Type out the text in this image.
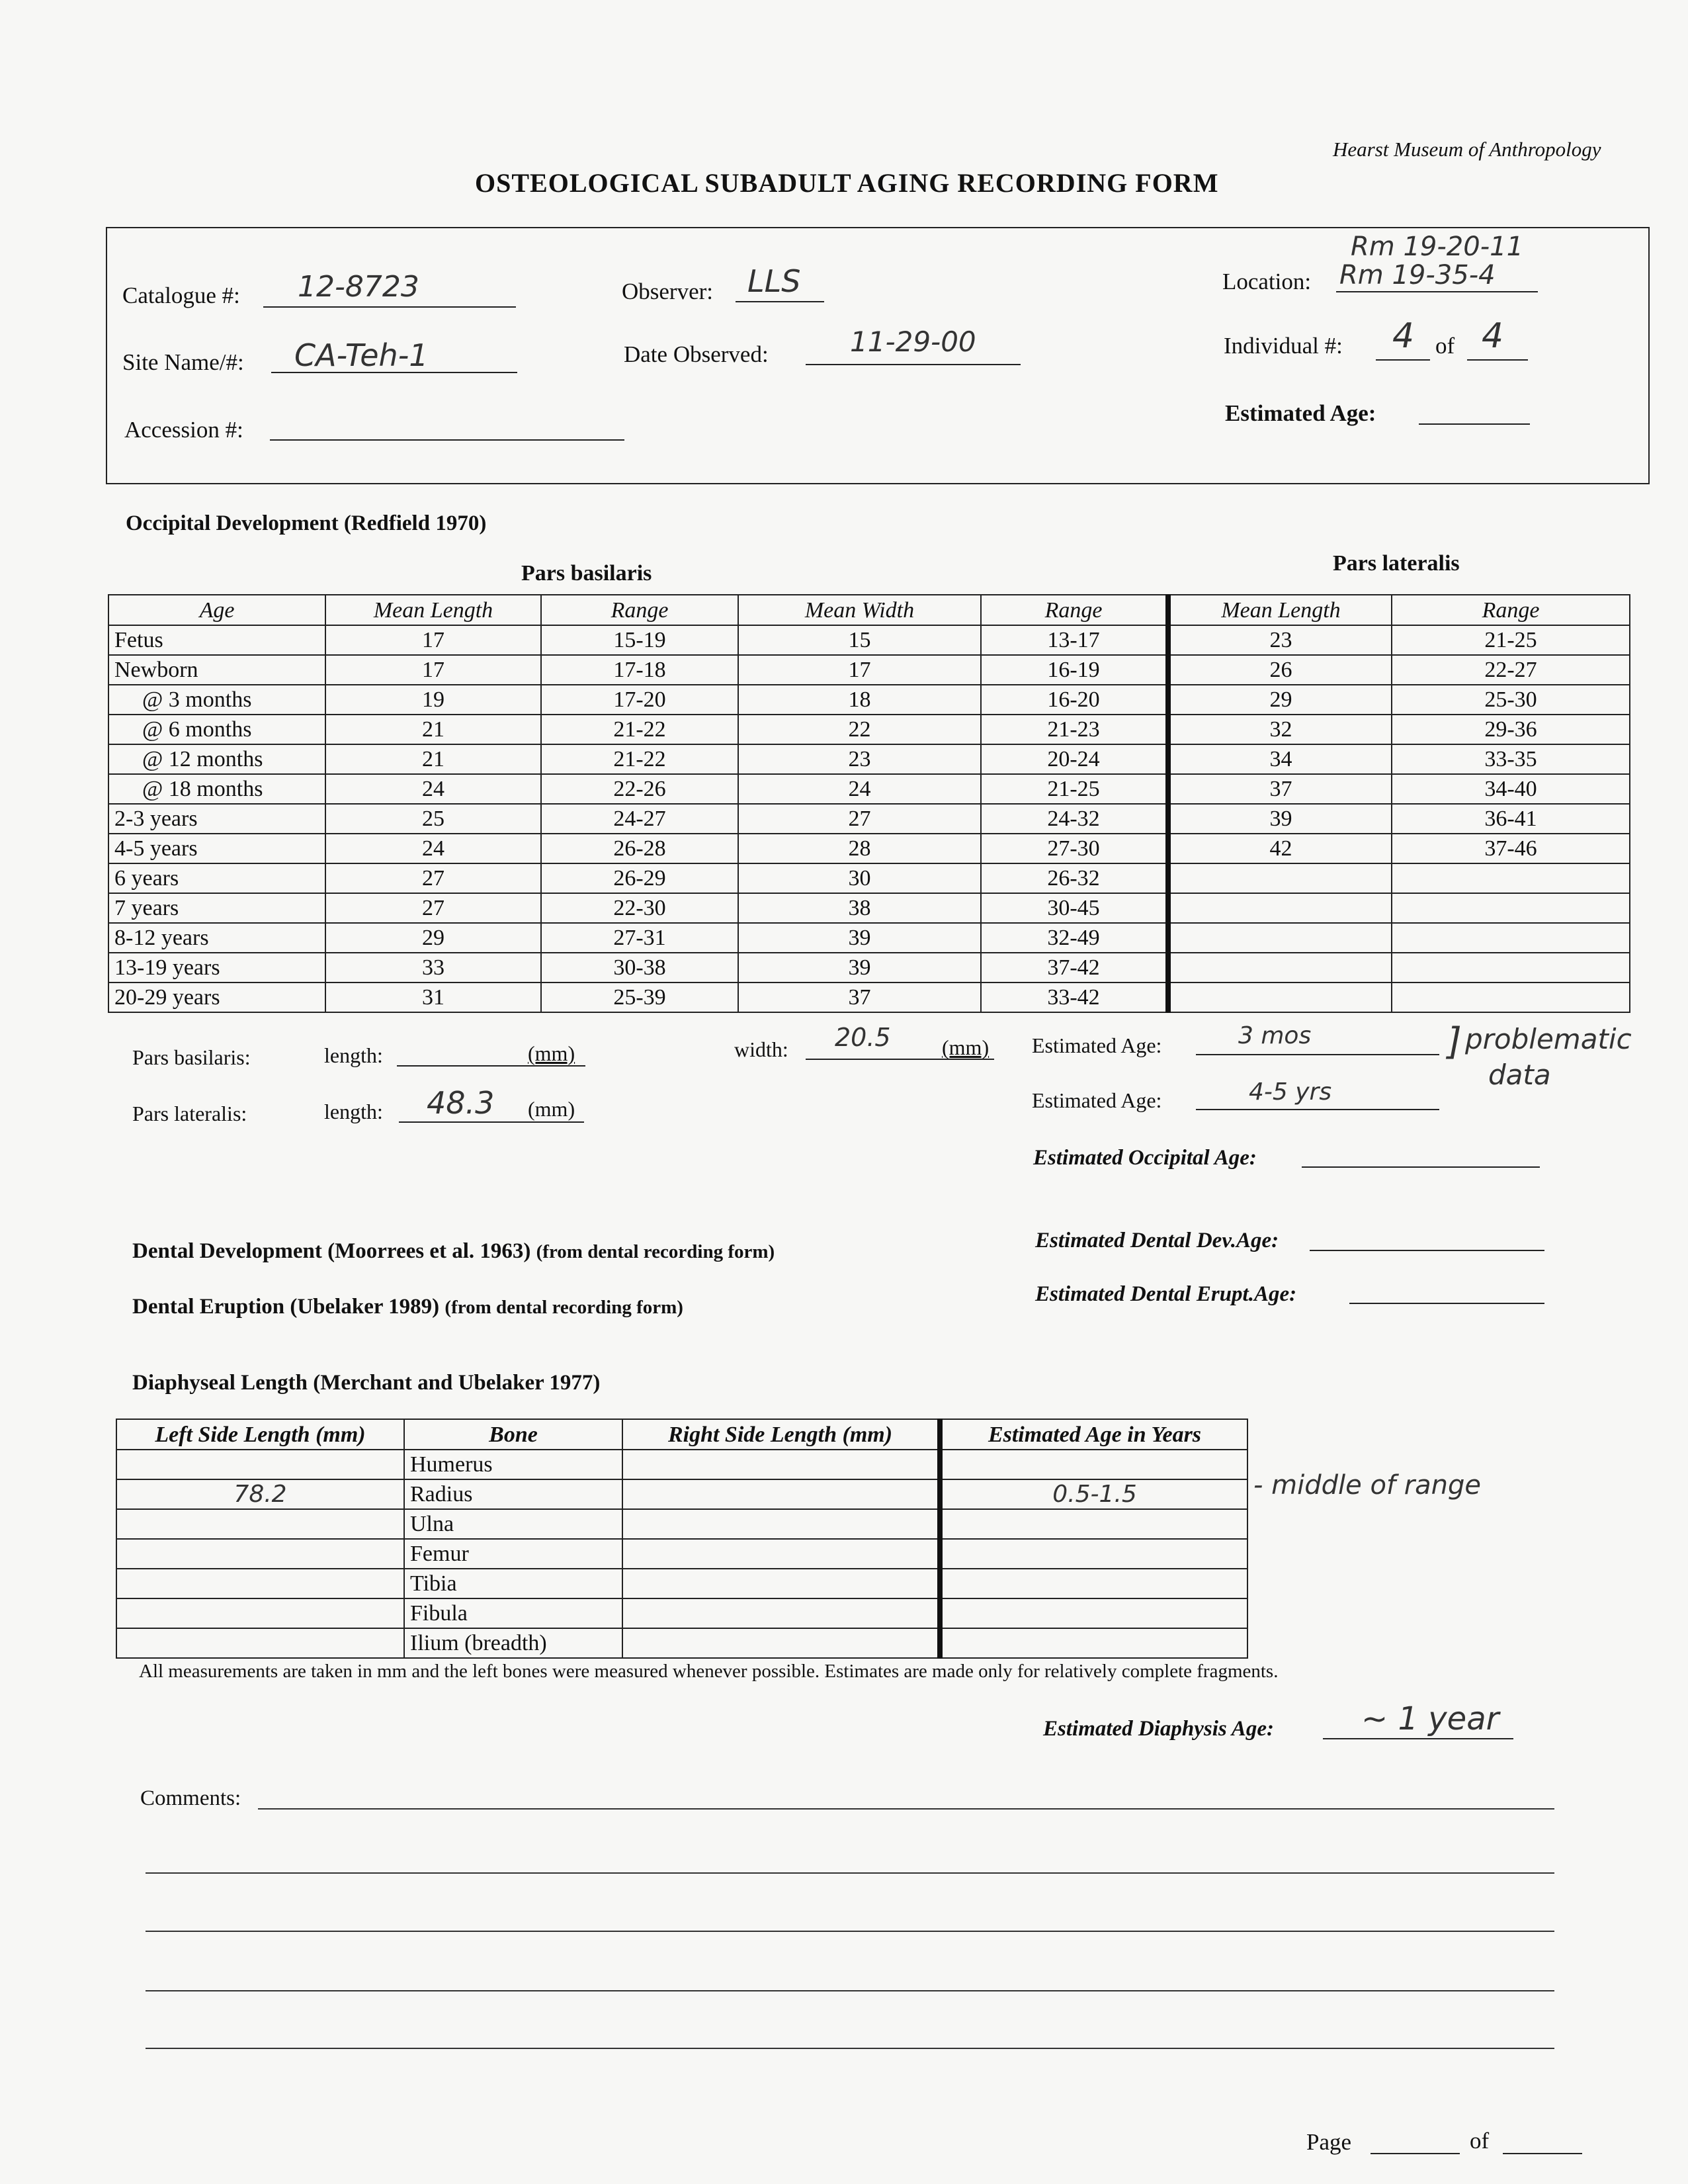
Hearst Museum of Anthropology
OSTEOLOGICAL SUBADULT AGING RECORDING FORM
Catalogue #: 12-8723	Observer: LLS	Location:
Rm 19-20-11
Rm 19-35-4
Site Name/#: CA-Teh-1	Date Observed:	11-29-00	Individual #: 4 of 4
Accession #:
Estimated Age:
Occipital Development (Redfield 1970)
Pars basilaris	Pars lateralis
Age	Mean Length	Range	Mean Width	Range	Mean Length	Range
Fetus	17	15-19	15	13-17	23	21-25
Newborn	17	17-18	17	16-19	26	22-27
@ 3 months	19	17-20	18	16-20	29	25-30
@ 6 months	21	21-22	22	21-23	32	29-36
@ 12 months	21	21-22	23	20-24	34	33-35
@ 18 months	24	22-26	24	21-25	37	34-40
2-3 years	25	24-27	27	24-32	39	36-41
4-5 years	24	26-28	28	27-30	42	37-46
6 years	27	26-29	30	26-32		
7 years	27	22-30	38	30-45		
8-12 years	29	27-31	39	32-49		
13-19 years	33	30-38	39	37-42		
20-29 years	31	25-39	37	33-42		
Pars basilaris:	length:	(mm)	width: 20.5 (mm) Estimated Age:	3 mos	] problematic
data
Pars lateralis:	length: 48.3 (mm)	Estimated Age:	4-5 yrs
Estimated Occipital Age:
Dental Development (Moorrees et al. 1963) (from dental recording form)	Estimated Dental Dev.Age:
Dental Eruption (Ubelaker 1989) (from dental recording form)
Estimated Dental Erupt.Age:
Diaphyseal Length (Merchant and Ubelaker 1977)
Left Side Length (mm)	Bone	Right Side Length (mm)	Estimated Age in Years
	Humerus		
78.2	Radius		0.5-1.5
	Ulna		
	Femur		
	Tibia		
	Fibula		
	Ilium (breadth)		
- middle of range
All measurements are taken in mm and the left bones were measured whenever possible. Estimates are made only for relatively complete fragments.
Estimated Diaphysis Age:	~ 1 year
Comments:
Page	of
